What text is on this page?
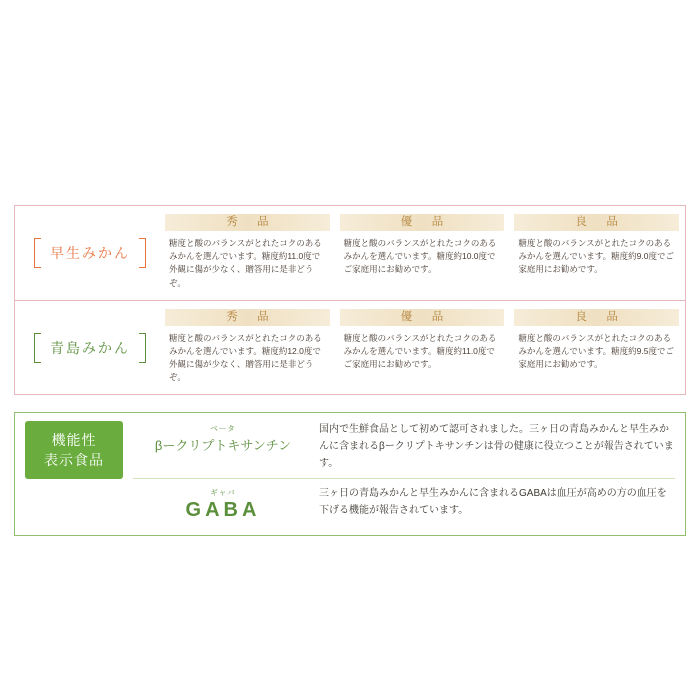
早生みかん
秀　品
糖度と酸のバランスがとれたコクのあるみかんを選んでいます。糖度約11.0度で外観に傷が少なく、贈答用に是非どうぞ。
優　品
糖度と酸のバランスがとれたコクのあるみかんを選んでいます。糖度約10.0度でご家庭用にお勧めです。
良　品
糖度と酸のバランスがとれたコクのあるみかんを選んでいます。糖度約9.0度でご家庭用にお勧めです。
青島みかん
秀　品
糖度と酸のバランスがとれたコクのあるみかんを選んでいます。糖度約12.0度で外観に傷が少なく、贈答用に是非どうぞ。
優　品
糖度と酸のバランスがとれたコクのあるみかんを選んでいます。糖度約11.0度でご家庭用にお勧めです。
良　品
糖度と酸のバランスがとれたコクのあるみかんを選んでいます。糖度約9.5度でご家庭用にお勧めです。
機能性
表示食品
ベータ
βークリプトキサンチン
国内で生鮮食品として初めて認可されました。三ヶ日の青島みかんと早生みかんに含まれるβークリプトキサンチンは骨の健康に役立つことが報告されています。
ギャバ
GABA
三ヶ日の青島みかんと早生みかんに含まれるGABAは血圧が高めの方の血圧を下げる機能が報告されています。
